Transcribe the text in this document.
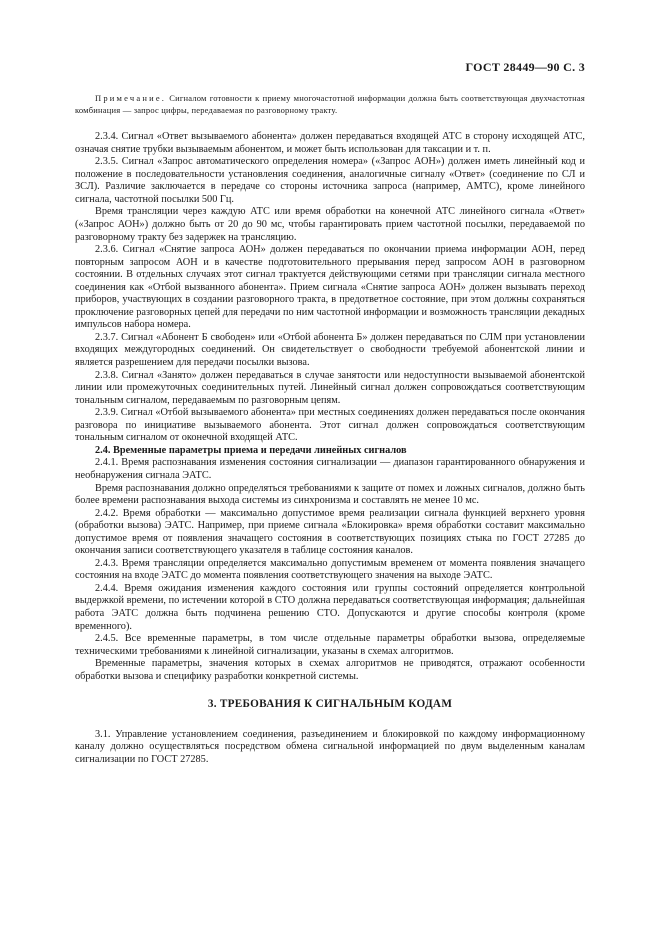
ГОСТ 28449—90 С. 3

Примечание. Сигналом готовности к приему многочастотной информации должна быть соответствующая двухчастотная комбинация — запрос цифры, передаваемая по разговорному тракту.

2.3.4. Сигнал «Ответ вызываемого абонента» должен передаваться входящей АТС в сторону исходящей АТС, означая снятие трубки вызываемым абонентом, и может быть использован для таксации и т. п.

2.3.5. Сигнал «Запрос автоматического определения номера» («Запрос АОН») должен иметь линейный код и положение в последовательности установления соединения, аналогичные сигналу «Ответ» (соединение по СЛ и ЗСЛ). Различие заключается в передаче со стороны источника запроса (например, АМТС), кроме линейного сигнала, частотной посылки 500 Гц.

Время трансляции через каждую АТС или время обработки на конечной АТС линейного сигнала «Ответ» («Запрос АОН») должно быть от 20 до 90 мс, чтобы гарантировать прием частотной посылки, передаваемой по разговорному тракту без задержек на трансляцию.

2.3.6. Сигнал «Снятие запроса АОН» должен передаваться по окончании приема информации АОН, перед повторным запросом АОН и в качестве подготовительного прерывания перед запросом АОН в разговорном состоянии. В отдельных случаях этот сигнал трактуется действующими сетями при трансляции сигнала местного соединения как «Отбой вызванного абонента». Прием сигнала «Снятие запроса АОН» должен вызывать переход приборов, участвующих в создании разговорного тракта, в предответное состояние, при этом должны сохраняться проключение разговорных цепей для передачи по ним частотной информации и возможность трансляции декадных импульсов набора номера.

2.3.7. Сигнал «Абонент Б свободен» или «Отбой абонента Б» должен передаваться по СЛМ при установлении входящих междугородных соединений. Он свидетельствует о свободности требуемой абонентской линии и является разрешением для передачи посылки вызова.

2.3.8. Сигнал «Занято» должен передаваться в случае занятости или недоступности вызываемой абонентской линии или промежуточных соединительных путей. Линейный сигнал должен сопровождаться соответствующим тональным сигналом, передаваемым по разговорным цепям.

2.3.9. Сигнал «Отбой вызываемого абонента» при местных соединениях должен передаваться после окончания разговора по инициативе вызываемого абонента. Этот сигнал должен сопровождаться соответствующим тональным сигналом от оконечной входящей АТС.

2.4. Временные параметры приема и передачи линейных сигналов

2.4.1. Время распознавания изменения состояния сигнализации — диапазон гарантированного обнаружения и необнаружения сигнала ЭАТС.

Время распознавания должно определяться требованиями к защите от помех и ложных сигналов, должно быть более времени распознавания выхода системы из синхронизма и составлять не менее 10 мс.

2.4.2. Время обработки — максимально допустимое время реализации сигнала функцией верхнего уровня (обработки вызова) ЭАТС. Например, при приеме сигнала «Блокировка» время обработки составит максимально допустимое время от появления значащего состояния в соответствующих позициях стыка по ГОСТ 27285 до окончания записи соответствующего указателя в таблице состояния каналов.

2.4.3. Время трансляции определяется максимально допустимым временем от момента появления значащего состояния на входе ЭАТС до момента появления соответствующего значения на выходе ЭАТС.

2.4.4. Время ожидания изменения каждого состояния или группы состояний определяется контрольной выдержкой времени, по истечении которой в СТО должна передаваться соответствующая информация; дальнейшая работа ЭАТС должна быть подчинена решению СТО. Допускаются и другие способы контроля (кроме временного).

2.4.5. Все временные параметры, в том числе отдельные параметры обработки вызова, определяемые техническими требованиями к линейной сигнализации, указаны в схемах алгоритмов.

Временные параметры, значения которых в схемах алгоритмов не приводятся, отражают особенности обработки вызова и специфику разработки конкретной системы.

3. ТРЕБОВАНИЯ К СИГНАЛЬНЫМ КОДАМ

3.1. Управление установлением соединения, разъединением и блокировкой по каждому информационному каналу должно осуществляться посредством обмена сигнальной информацией по двум выделенным каналам сигнализации по ГОСТ 27285.
